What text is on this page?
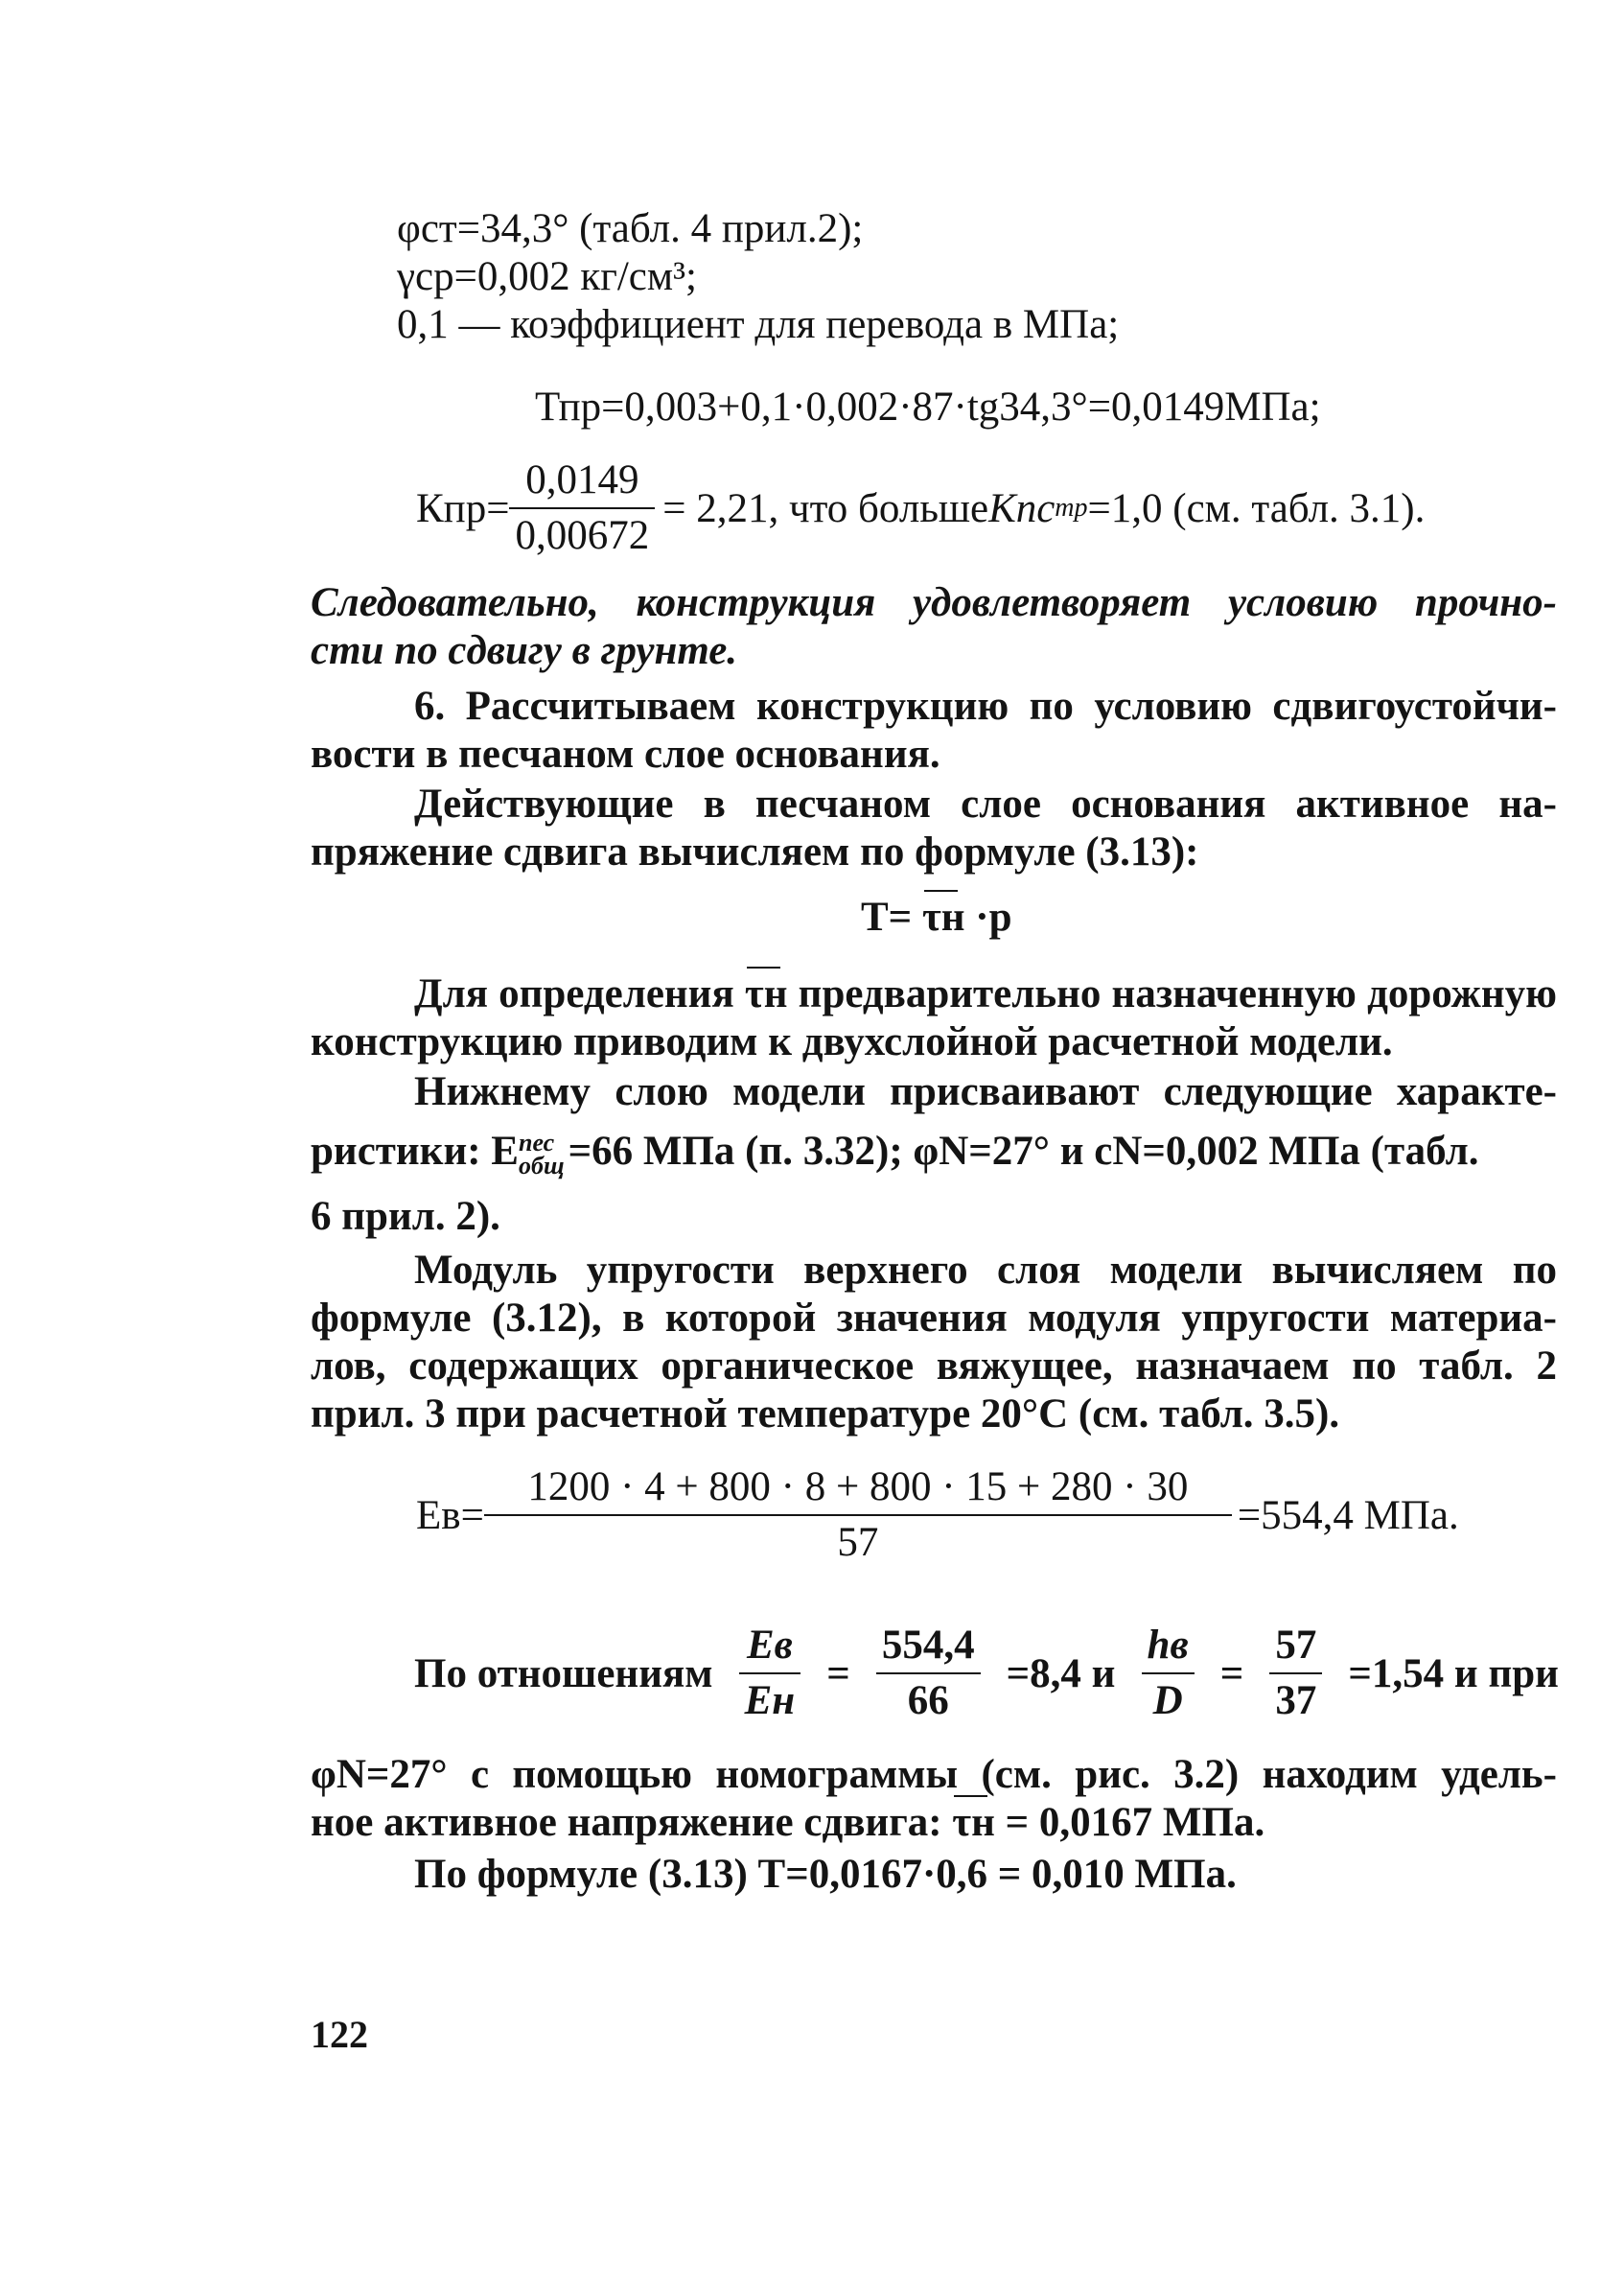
φст=34,3° (табл. 4 прил.2);
γср=0,002 кг/см³;
0,1 — коэффициент для перевода в МПа;
Тпр=0,003+0,1·0,002·87·tg34,3°=0,0149МПа;
$Кпр= \frac{0,0149}{0,00672} = 2,21$, что больше Кпс тр =1,0 (см. табл. 3.1).
Следовательно, конструкция удовлетворяет условию прочно-
сти по сдвигу в грунте.
6. Рассчитываем конструкцию по условию сдвигоустойчи-
вости в песчаном слое основания.
Действующие в песчаном слое основания активное на-
пряжение сдвига вычисляем по формуле (3.13):
Т= τн ·р
Для определения τн предварительно назначенную дорожную
конструкцию приводим к двухслойной расчетной модели.
Нижнему слою модели присваивают следующие характе-
ристики: Е пес
общ =66 МПа (п. 3.32); φN=27° и cN=0,002 МПа (табл.
6 прил. 2).
Модуль упругости верхнего слоя модели вычисляем по
формуле (3.12), в которой значения модуля упругости материа-
лов, содержащих органическое вяжущее, назначаем по табл. 2
прил. 3 при расчетной температуре 20°С (см. табл. 3.5).
$Ев= \frac{1200 \cdot 4 + 800 \cdot 8 + 800 \cdot 15 + 280 \cdot 30}{57} =554,4$ МПа.
По отношениям $\frac{Ев}{Ен} = \frac{554,4}{66} =8,4$ и $\frac{hв}{D} = \frac{57}{37} =1,54$ и при
φN=27° с помощью номограммы (см. рис. 3.2) находим удель-
ное активное напряжение сдвига: τн = 0,0167 МПа.
По формуле (3.13) Т=0,0167·0,6 = 0,010 МПа.
122
